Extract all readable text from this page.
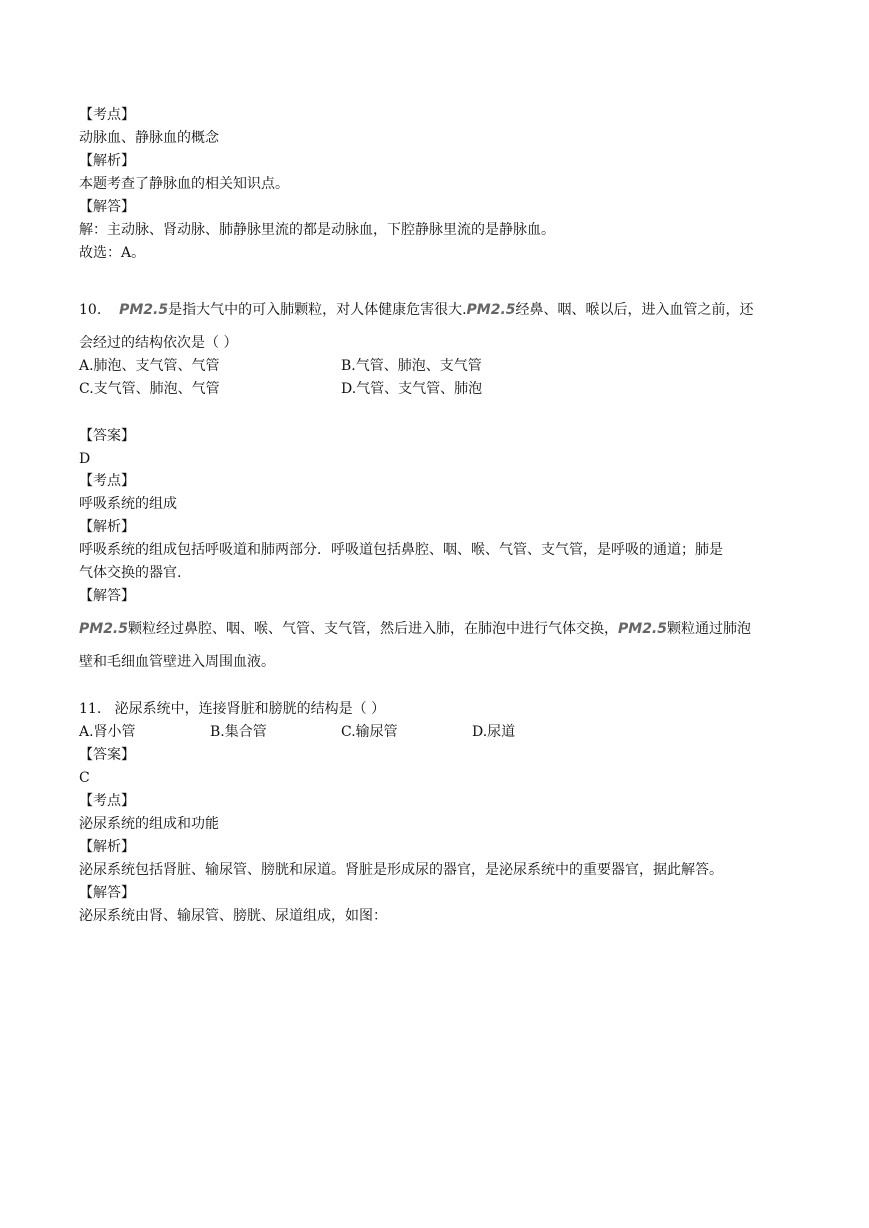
【考点】
动脉血、静脉血的概念
【解析】
本题考查了静脉血的相关知识点。
【解答】
解：主动脉、肾动脉、肺静脉里流的都是动脉血，下腔静脉里流的是静脉血。
故选：A。
10. PM2.5是指大气中的可入肺颗粒，对人体健康危害很大.PM2.5经鼻、咽、喉以后，进入血管之前，还
会经过的结构依次是（ ）
A.肺泡、支气管、气管	B.气管、肺泡、支气管
C.支气管、肺泡、气管	D.气管、支气管、肺泡
【答案】
D
【考点】
呼吸系统的组成
【解析】
呼吸系统的组成包括呼吸道和肺两部分．呼吸道包括鼻腔、咽、喉、气管、支气管，是呼吸的通道；肺是
气体交换的器官.
【解答】
PM2.5颗粒经过鼻腔、咽、喉、气管、支气管，然后进入肺，在肺泡中进行气体交换，PM2.5颗粒通过肺泡
壁和毛细血管壁进入周围血液。
11. 泌尿系统中，连接肾脏和膀胱的结构是（ ）
A.肾小管	B.集合管	C.输尿管	D.尿道
【答案】
C
【考点】
泌尿系统的组成和功能
【解析】
泌尿系统包括肾脏、输尿管、膀胱和尿道。肾脏是形成尿的器官，是泌尿系统中的重要器官，据此解答。
【解答】
泌尿系统由肾、输尿管、膀胱、尿道组成，如图：
